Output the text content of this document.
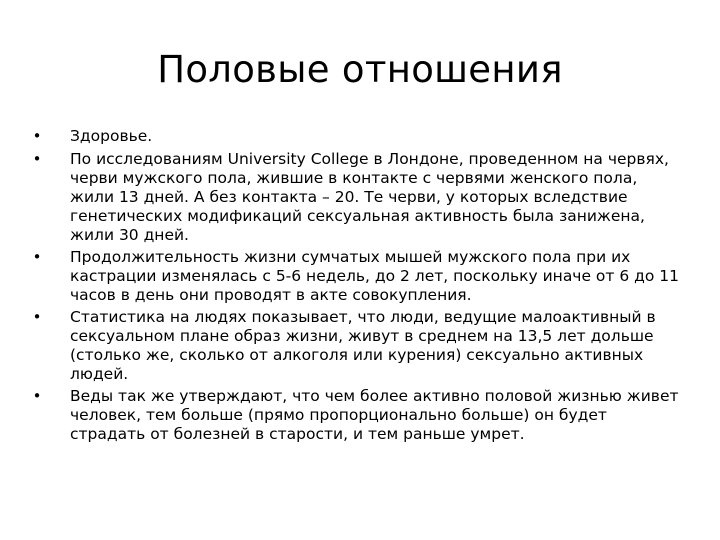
Половые отношения
• Здоровье.
• По исследованиям University College в Лондоне, проведенном на червях, черви мужского пола, жившие в контакте с червями женского пола, жили 13 дней. А без контакта – 20. Те черви, у которых вследствие генетических модификаций сексуальная активность была занижена, жили 30 дней.
• Продолжительность жизни сумчатых мышей мужского пола при их кастрации изменялась с 5-6 недель, до 2 лет, поскольку иначе от 6 до 11 часов в день они проводят в акте совокупления.
• Статистика на людях показывает, что люди, ведущие малоактивный в сексуальном плане образ жизни, живут в среднем на 13,5 лет дольше (столько же, сколько от алкоголя или курения) сексуально активных людей.
• Веды так же утверждают, что чем более активно половой жизнью живет человек, тем больше (прямо пропорционально больше) он будет страдать от болезней в старости, и тем раньше умрет.
